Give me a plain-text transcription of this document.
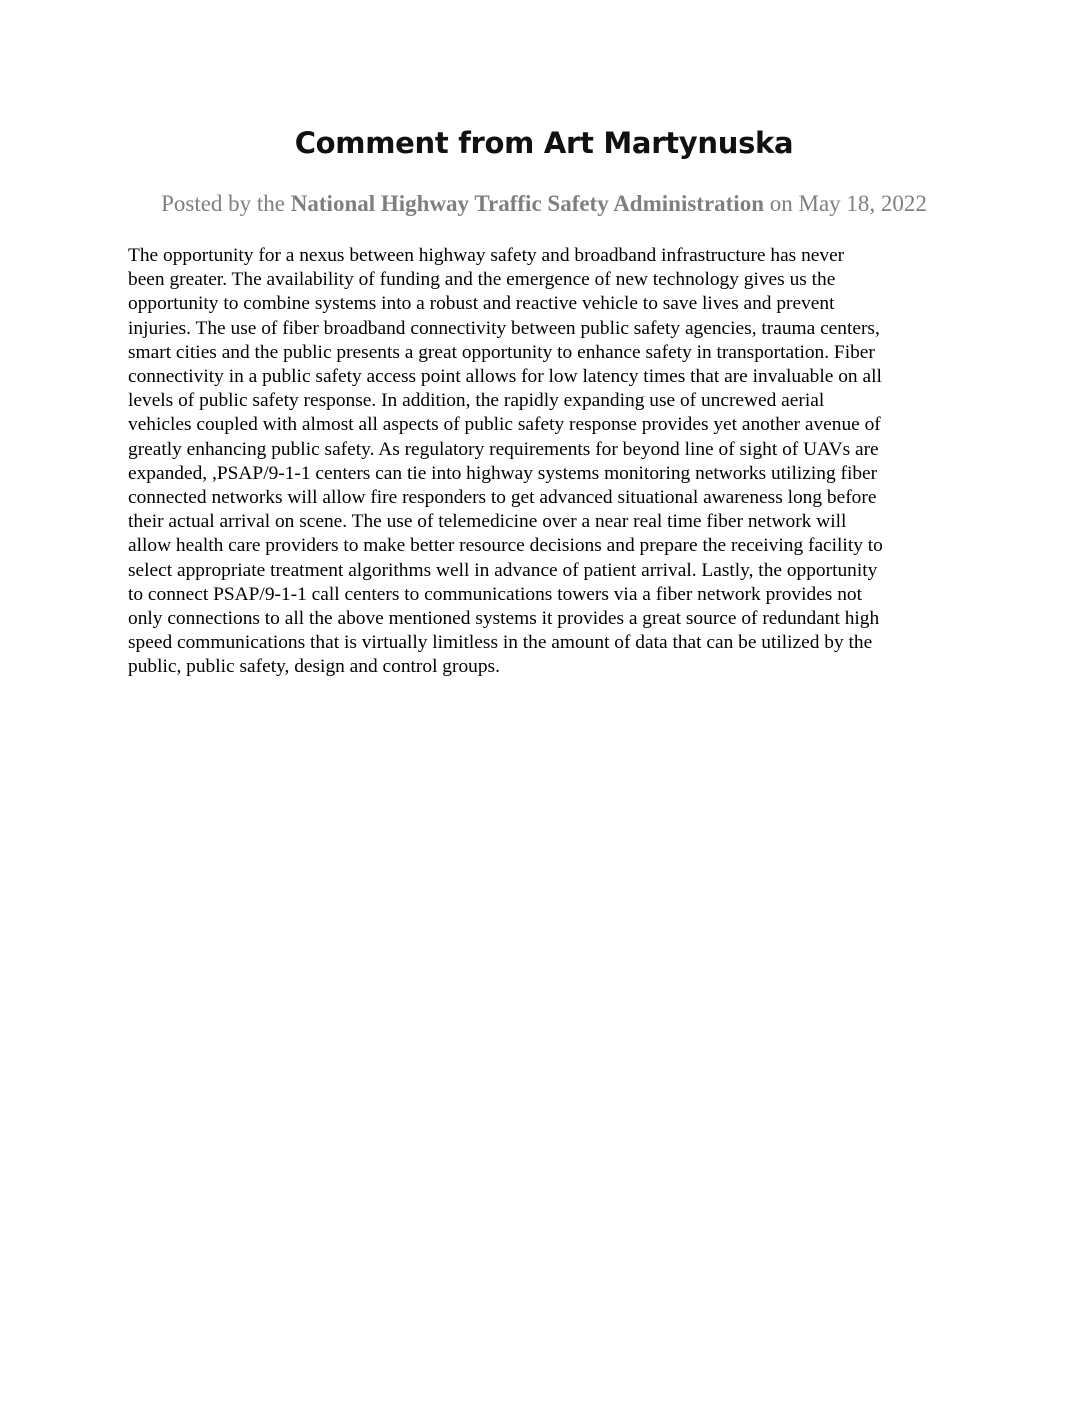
Comment from Art Martynuska
Posted by the National Highway Traffic Safety Administration on May 18, 2022
The opportunity for a nexus between highway safety and broadband infrastructure has never
been greater. The availability of funding and the emergence of new technology gives us the
opportunity to combine systems into a robust and reactive vehicle to save lives and prevent
injuries. The use of fiber broadband connectivity between public safety agencies, trauma centers,
smart cities and the public presents a great opportunity to enhance safety in transportation. Fiber
connectivity in a public safety access point allows for low latency times that are invaluable on all
levels of public safety response. In addition, the rapidly expanding use of uncrewed aerial
vehicles coupled with almost all aspects of public safety response provides yet another avenue of
greatly enhancing public safety. As regulatory requirements for beyond line of sight of UAVs are
expanded, ,PSAP/9-1-1 centers can tie into highway systems monitoring networks utilizing fiber
connected networks will allow fire responders to get advanced situational awareness long before
their actual arrival on scene. The use of telemedicine over a near real time fiber network will
allow health care providers to make better resource decisions and prepare the receiving facility to
select appropriate treatment algorithms well in advance of patient arrival. Lastly, the opportunity
to connect PSAP/9-1-1 call centers to communications towers via a fiber network provides not
only connections to all the above mentioned systems it provides a great source of redundant high
speed communications that is virtually limitless in the amount of data that can be utilized by the
public, public safety, design and control groups.
